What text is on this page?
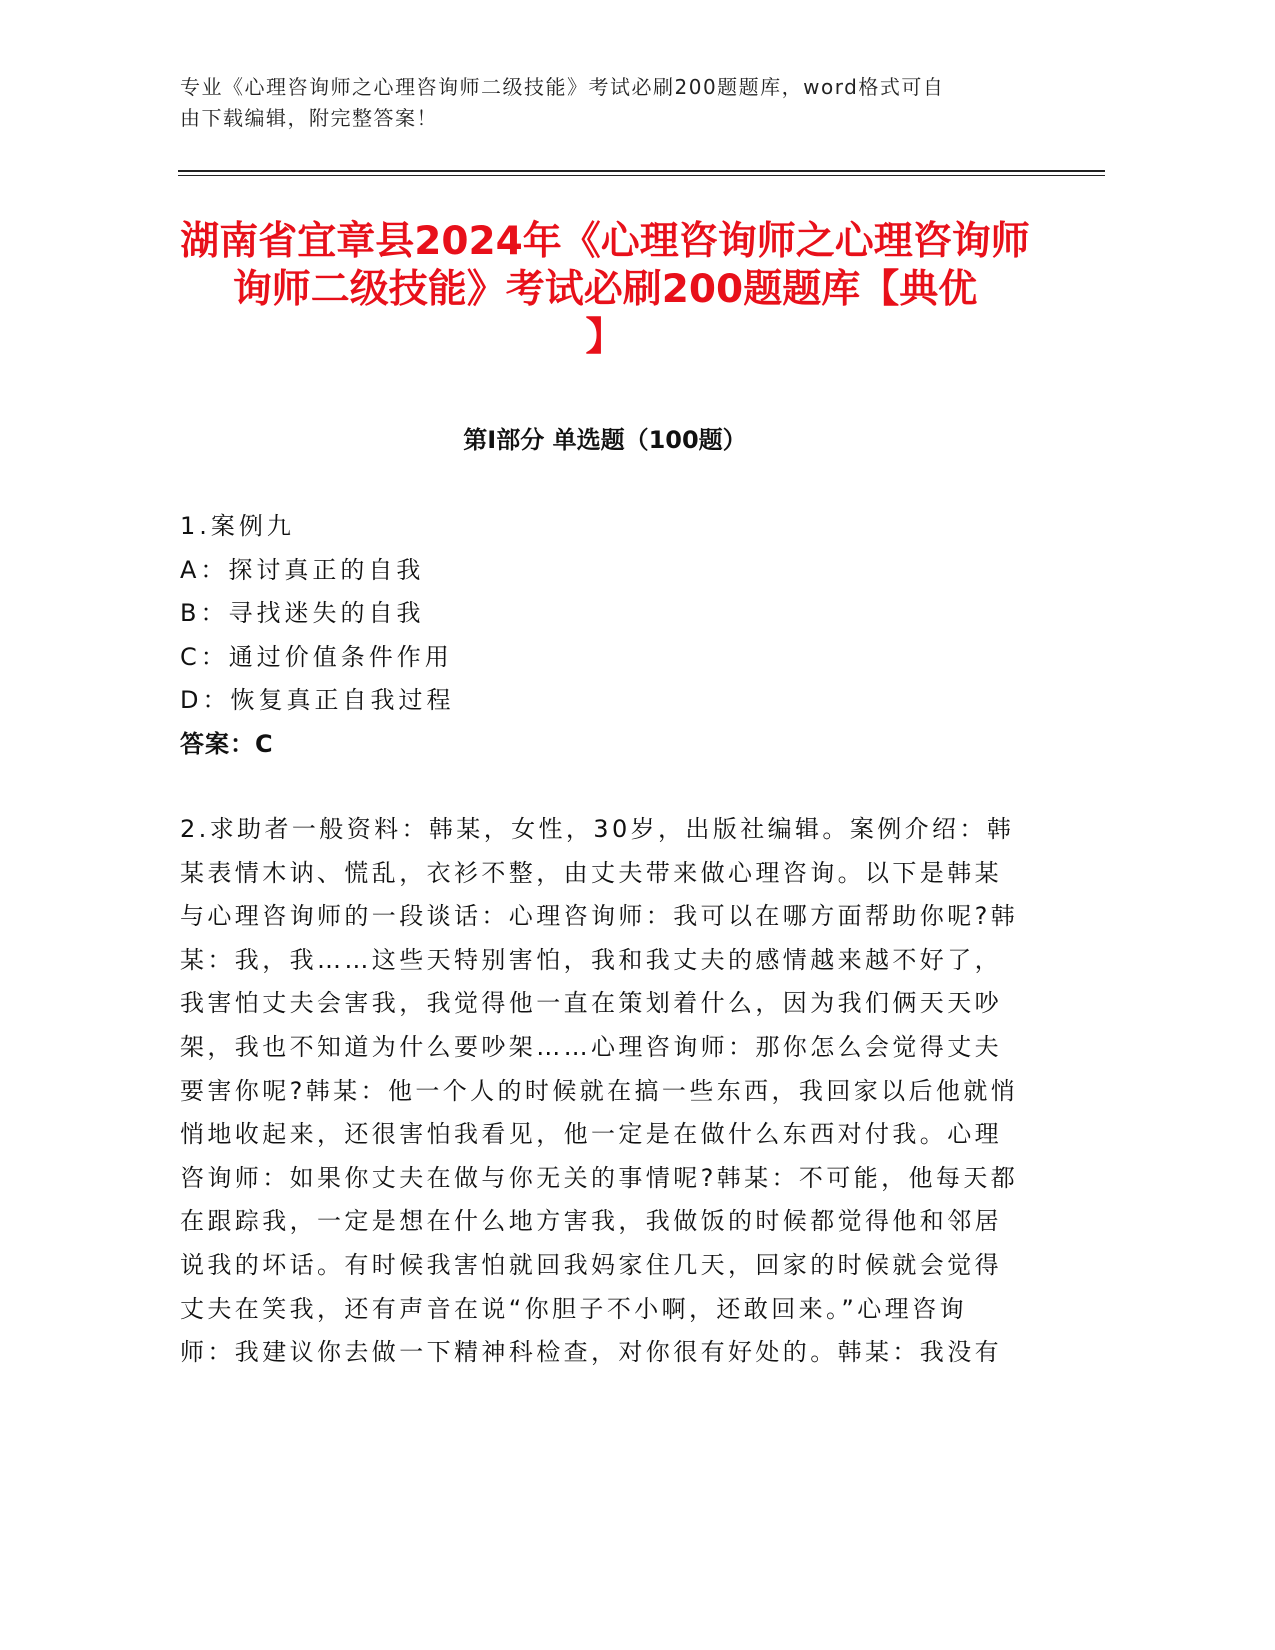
专业《心理咨询师之心理咨询师二级技能》考试必刷200题题库，word格式可自
由下载编辑，附完整答案！
湖南省宜章县2024年《心理咨询师之心理咨询师
询师二级技能》考试必刷200题题库【典优
】
第Ⅰ部分 单选题（100题）
1.案例九
A：探讨真正的自我
B：寻找迷失的自我
C：通过价值条件作用
D：恢复真正自我过程
答案：C
2.求助者一般资料：韩某，女性，30岁，出版社编辑。案例介绍：韩
某表情木讷、慌乱，衣衫不整，由丈夫带来做心理咨询。以下是韩某
与心理咨询师的一段谈话：心理咨询师：我可以在哪方面帮助你呢?韩
某：我，我……这些天特别害怕，我和我丈夫的感情越来越不好了，
我害怕丈夫会害我，我觉得他一直在策划着什么，因为我们俩天天吵
架，我也不知道为什么要吵架……心理咨询师：那你怎么会觉得丈夫
要害你呢?韩某：他一个人的时候就在搞一些东西，我回家以后他就悄
悄地收起来，还很害怕我看见，他一定是在做什么东西对付我。心理
咨询师：如果你丈夫在做与你无关的事情呢?韩某：不可能，他每天都
在跟踪我，一定是想在什么地方害我，我做饭的时候都觉得他和邻居
说我的坏话。有时候我害怕就回我妈家住几天，回家的时候就会觉得
丈夫在笑我，还有声音在说“你胆子不小啊，还敢回来。”心理咨询
师：我建议你去做一下精神科检查，对你很有好处的。韩某：我没有
